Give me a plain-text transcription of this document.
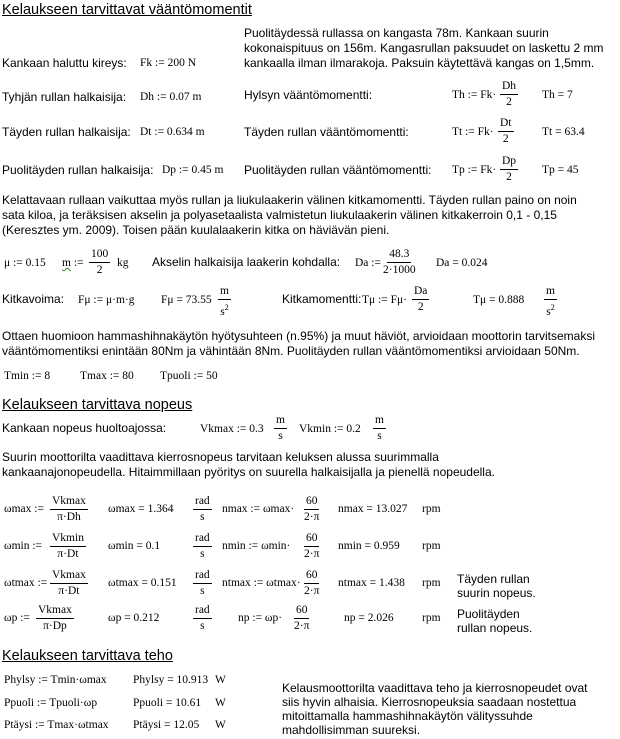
Kelaukseen tarvittavat vääntömomentit
Puolitäydessä rullassa on kangasta 78m. Kankaan suurin
kokonaispituus on 156m. Kangasrullan paksuudet on laskettu 2 mm
kankaalla ilman ilmarakoja. Paksuin käytettävä kangas on 1,5mm.
Kankaan haluttu kireys: Fk := 200 N
Tyhjän rullan halkaisija: Dh := 0.07 m
Täyden rullan halkaisija: Dt := 0.634 m
Puolitäyden rullan halkaisija: Dp := 0.45 m
Hylsyn vääntömomentti:	Th := $Fk\cdot \frac{Dh}{2}$ Th = 7
Täyden rullan vääntömomentti:	Tt := $Fk\cdot \frac{Dt}{2}$ Tt = 63.4
Puolitäyden rullan vääntömomentti: Tp := $Fk\cdot \frac{Dp}{2}$ Tp = 45
Kelattavaan rullaan vaikuttaa myös rullan ja liukulaakerin välinen kitkamomentti. Täyden rullan paino on noin
sata kiloa, ja teräksisen akselin ja polyasetaalista valmistetun liukulaakerin välinen kitkakerroin 0,1 - 0,15
(Kereszt​es ym. 2009). Toisen pään kuulalaakerin kitka on häviävän pieni.
μ := 0.15 m := $\frac{100}{2}$ kg Akselin halkaisija laakerin kohdalla: Da := $\frac{48.3}{2\cdot 1000}$ Da = 0.024
Kitkavoima: Fμ := μ·m·g $F\mu = 73.55 \frac{m}{s^2}$	Kitkamomentti: Tμ := $F\mu\cdot \frac{Da}{2}$	$T\mu = 0.888 \frac{m}{s^2}$
Ottaen huomioon hammashihnakäytön hyötysuhteen (n.95%) ja muut häviöt, arvioidaan moottorin tarvitsemaksi
vääntömomentiksi enintään 80Nm ja vähintään 8Nm. Puolitäyden rullan vääntömomentiksi arvioidaan 50Nm.
Tmin := 8	Tmax := 80 Tpuoli := 50
Kelaukseen tarvittava nopeus
Kankaan nopeus huoltoajossa:	Vkmax := $0.3 \frac{m}{s}$ Vkmin := $0.2 \frac{m}{s}$
Suurin moottorilta vaadittava kierrosnopeus tarvitaan keluksen alussa suurimmalla
kankaanajonopeudella. Hitaimmillaan pyöritys on suurella halkaisijalla ja pienellä nopeudella.
ωmax :=
Vkmax
π·Dh
ωmax = 1.364
rad
s
nmax := $\omega\max\cdot \frac{60}{2\cdot\pi}$ nmax = 13.027 rpm
ωmin :=
Vkmin
π·Dt
ωmin = 0.1
rad
s
nmin := $\omega\min\cdot \frac{60}{2\cdot\pi}$ nmin = 0.959 rpm
ωtmax :=
Vkmax
π·Dt
ωtmax = 0.151
rad
s
ntmax := $\omega tmax\cdot \frac{60}{2\cdot\pi}$ ntmax = 1.438 rpm Täyden rullan
suurin nopeus.
ωp :=
Vkmax
π·Dp
ωp = 0.212
rad
s
np := $\omega p\cdot \frac{60}{2\cdot\pi}$	np = 2.026 rpm Puolitäyden
rullan nopeus.
Kelaukseen tarvittava teho
Phylsy := Tmin·ωmax Phylsy = 10.913 W
Ppuoli := Tpuoli·ωp	Ppuoli = 10.61 W
Ptäysi := Tmax·ωtmax Ptäysi = 12.05 W
Kelausmoottorilta vaadittava teho ja kierrosnopeudet ovat
siis hyvin alhaisia. Kierrosnopeuksia saadaan nostettua
mitoittamalla hammashihnakäytön välityssuhde
mahdollisimman suureksi.
